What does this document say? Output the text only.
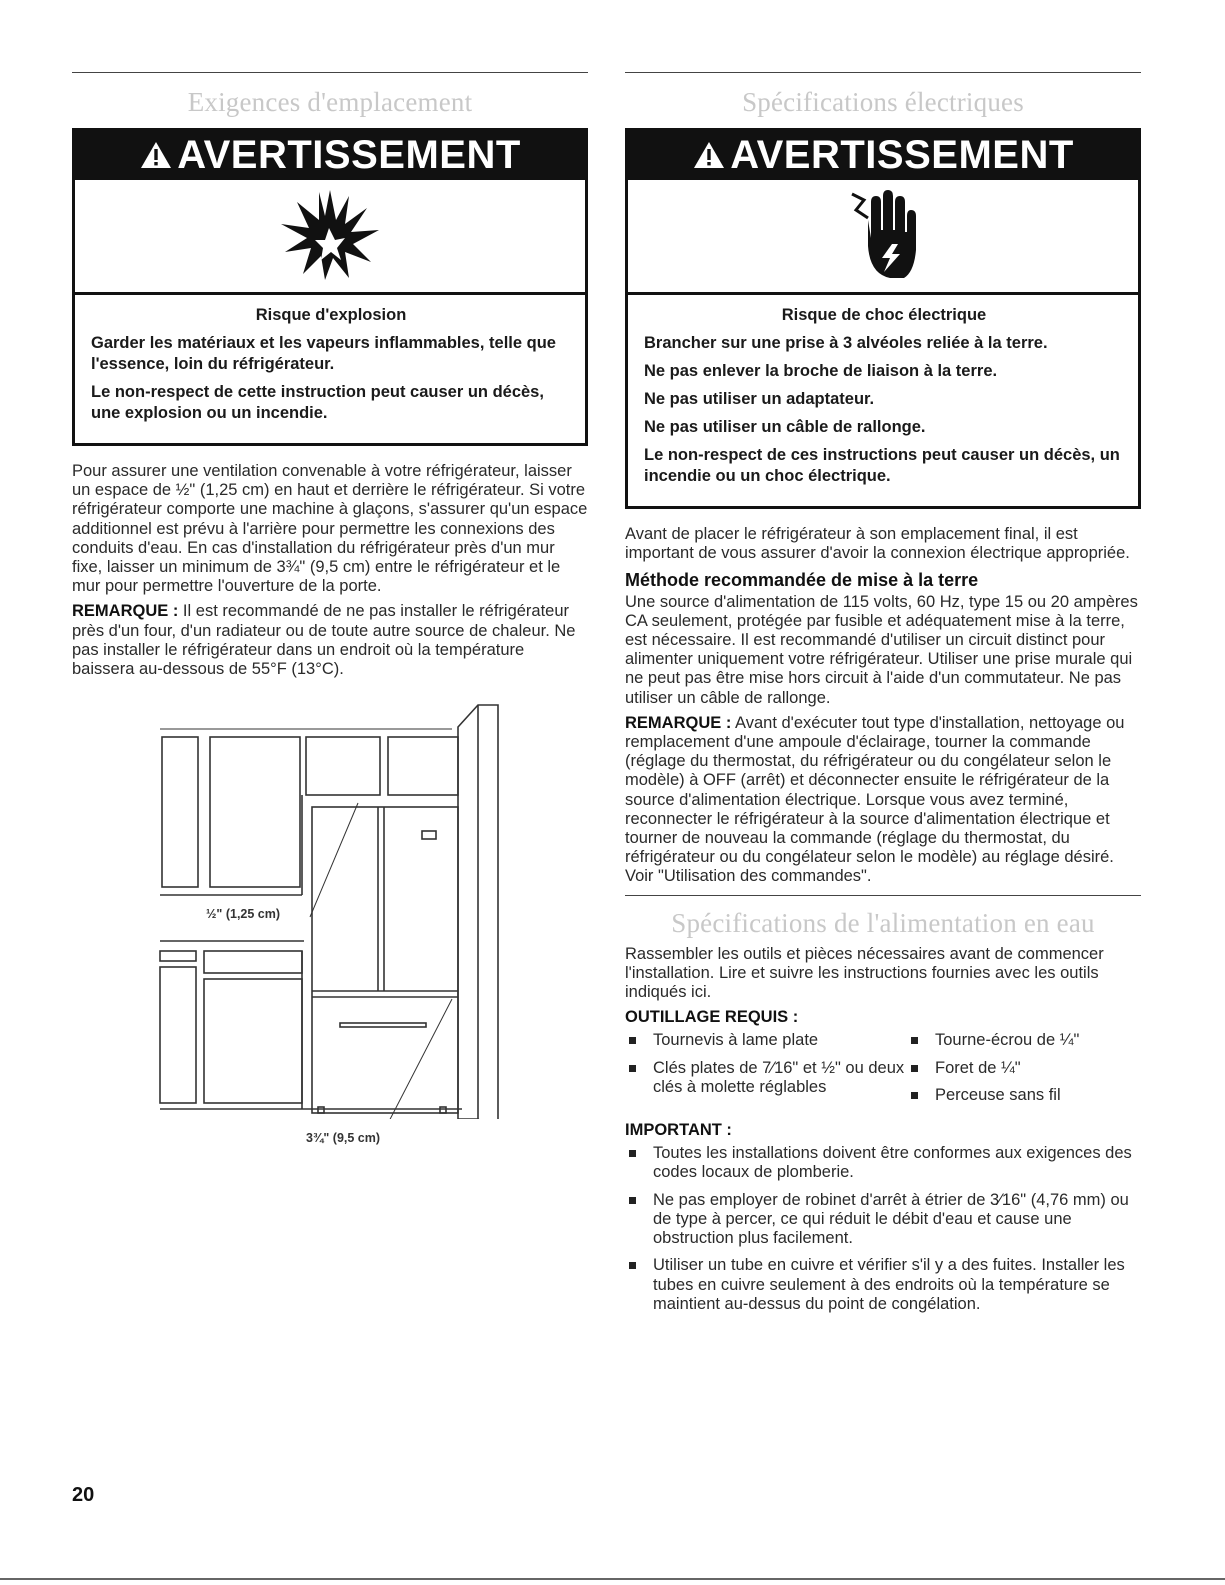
Exigences d'emplacement
AVERTISSEMENT
Risque d'explosion

Garder les matériaux et les vapeurs inflammables, telle que l'essence, loin du réfrigérateur.

Le non-respect de cette instruction peut causer un décès, une explosion ou un incendie.

Pour assurer une ventilation convenable à votre réfrigérateur, laisser un espace de ½" (1,25 cm) en haut et derrière le réfrigérateur. Si votre réfrigérateur comporte une machine à glaçons, s'assurer qu'un espace additionnel est prévu à l'arrière pour permettre les connexions des conduits d'eau. En cas d'installation du réfrigérateur près d'un mur fixe, laisser un minimum de 3¾" (9,5 cm) entre le réfrigérateur et le mur pour permettre l'ouverture de la porte.

REMARQUE : Il est recommandé de ne pas installer le réfrigérateur près d'un four, d'un radiateur ou de toute autre source de chaleur. Ne pas installer le réfrigérateur dans un endroit où la température baissera au-dessous de 55°F (13°C).

½" (1,25 cm)
3¾" (9,5 cm)
Spécifications électriques
AVERTISSEMENT
Risque de choc électrique

Brancher sur une prise à 3 alvéoles reliée à la terre.

Ne pas enlever la broche de liaison à la terre.

Ne pas utiliser un adaptateur.

Ne pas utiliser un câble de rallonge.

Le non-respect de ces instructions peut causer un décès, un incendie ou un choc électrique.

Avant de placer le réfrigérateur à son emplacement final, il est important de vous assurer d'avoir la connexion électrique appropriée.

Méthode recommandée de mise à la terre

Une source d'alimentation de 115 volts, 60 Hz, type 15 ou 20 ampères CA seulement, protégée par fusible et adéquatement mise à la terre, est nécessaire. Il est recommandé d'utiliser un circuit distinct pour alimenter uniquement votre réfrigérateur. Utiliser une prise murale qui ne peut pas être mise hors circuit à l'aide d'un commutateur. Ne pas utiliser un câble de rallonge.

REMARQUE : Avant d'exécuter tout type d'installation, nettoyage ou remplacement d'une ampoule d'éclairage, tourner la commande (réglage du thermostat, du réfrigérateur ou du congélateur selon le modèle) à OFF (arrêt) et déconnecter ensuite le réfrigérateur de la source d'alimentation électrique. Lorsque vous avez terminé, reconnecter le réfrigérateur à la source d'alimentation électrique et tourner de nouveau la commande (réglage du thermostat, du réfrigérateur ou du congélateur selon le modèle) au réglage désiré. Voir "Utilisation des commandes".

Spécifications de l'alimentation en eau

Rassembler les outils et pièces nécessaires avant de commencer l'installation. Lire et suivre les instructions fournies avec les outils indiqués ici.

OUTILLAGE REQUIS :
Tournevis à lame plate
Clés plates de 7⁄16" et ½" ou deux clés à molette réglables
Tourne-écrou de ¼"
Foret de ¼"
Perceuse sans fil
IMPORTANT :
Toutes les installations doivent être conformes aux exigences des codes locaux de plomberie.
Ne pas employer de robinet d'arrêt à étrier de 3⁄16" (4,76 mm) ou de type à percer, ce qui réduit le débit d'eau et cause une obstruction plus facilement.
Utiliser un tube en cuivre et vérifier s'il y a des fuites. Installer les tubes en cuivre seulement à des endroits où la température se maintient au-dessus du point de congélation.
20
